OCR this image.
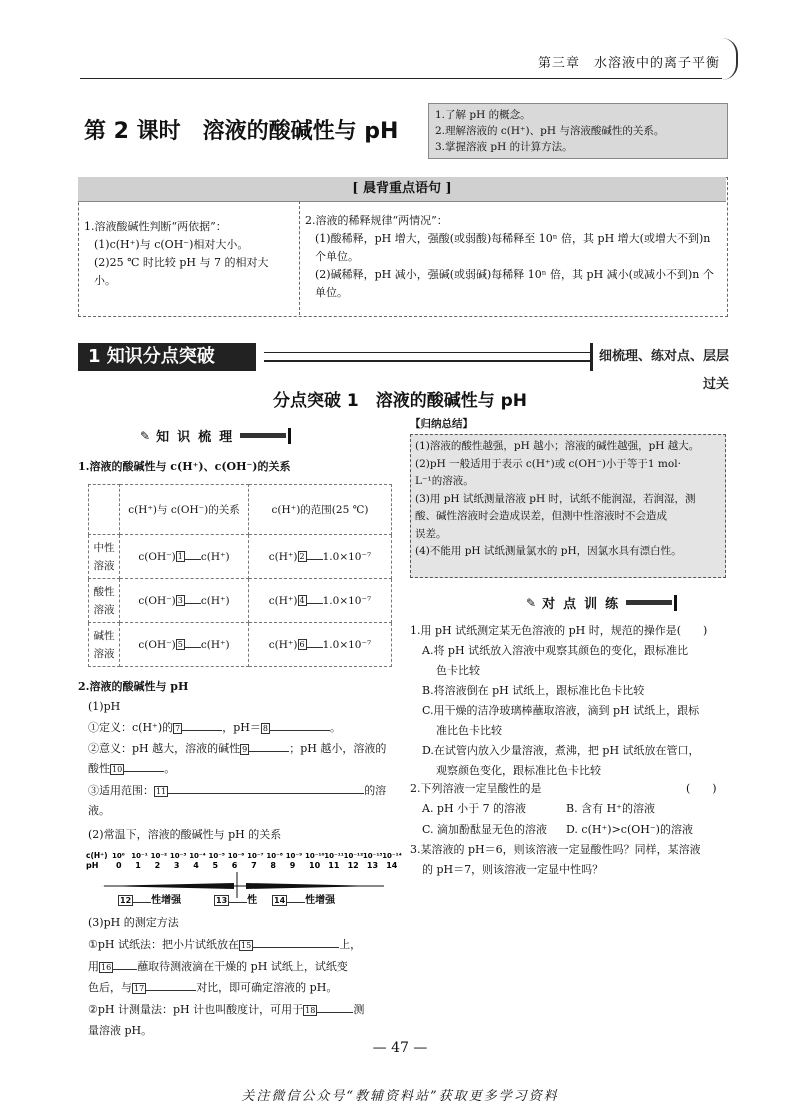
第三章　水溶液中的离子平衡
第 2 课时　溶液的酸碱性与 pH
1.了解 pH 的概念。
2.理解溶液的 c(H⁺)、pH 与溶液酸碱性的关系。
3.掌握溶液 pH 的计算方法。
[ 晨背重点语句 ]
1.溶液酸碱性判断“两依据”：
(1)c(H⁺)与 c(OH⁻)相对大小。
(2)25 ℃ 时比较 pH 与 7 的相对大小。
2.溶液的稀释规律“两情况”：
(1)酸稀释，pH 增大，强酸(或弱酸)每稀释至 10ⁿ 倍，其 pH 增大(或增大不到)n 个单位。
(2)碱稀释，pH 减小，强碱(或弱碱)每稀释 10ⁿ 倍，其 pH 减小(或减小不到)n 个单位。
1 知识分点突破	细梳理、练对点、层层过关
分点突破 1　溶液的酸碱性与 pH
✎ 知识梳理
1.溶液的酸碱性与 c(H⁺)、c(OH⁻)的关系
	c(H⁺)与 c(OH⁻)的关系	c(H⁺)的范围(25 ℃)
中性溶液	c(OH⁻) 1 c(H⁺)	c(H⁺) 2 1.0×10⁻⁷
酸性溶液	c(OH⁻) 3 c(H⁺)	c(H⁺) 4 1.0×10⁻⁷
碱性溶液	c(OH⁻) 5 c(H⁺)	c(H⁺) 6 1.0×10⁻⁷
2.溶液的酸碱性与 pH
(1)pH
①定义：c(H⁺)的 7	，pH＝ 8	。
②意义：pH 越大，溶液的碱性 9	；pH 越小，溶液的酸性 10	。
③适用范围： 11	的溶液。
(2)常温下，溶液的酸碱性与 pH 的关系
c(H⁺)
pH
10⁰ 10⁻¹ 10⁻² 10⁻³ 10⁻⁴ 10⁻⁵ 10⁻⁶ 10⁻⁷ 10⁻⁸ 10⁻⁹ 10⁻¹⁰ 10⁻¹¹ 10⁻¹² 10⁻¹³ 10⁻¹⁴
0 1 2 3 4 5 6 7 8 9 10 11 12 13 14
12 性增强	13 性 14 性增强
(3)pH 的测定方法
①pH 试纸法：把小片试纸放在 15	上，
用 16 蘸取待测液滴在干燥的 pH 试纸上，试纸变
色后，与 17	对比，即可确定溶液的 pH。
②pH 计测量法：pH 计也叫酸度计，可用于 18	测
量溶液 pH。
【归纳总结】
(1)溶液的酸性越强，pH 越小；溶液的碱性越强，pH 越大。
(2)pH 一般适用于表示 c(H⁺)或 c(OH⁻)小于等于1 mol·
L⁻¹的溶液。
(3)用 pH 试纸测量溶液 pH 时，试纸不能润湿，若润湿，测
酸、碱性溶液时会造成误差，但测中性溶液时不会造成
误差。
(4)不能用 pH 试纸测量氯水的 pH，因氯水具有漂白性。
✎ 对点训练
1.用 pH 试纸测定某无色溶液的 pH 时，规范的操作是(　　)
A.将 pH 试纸放入溶液中观察其颜色的变化，跟标准比
色卡比较
B.将溶液倒在 pH 试纸上，跟标准比色卡比较
C.用干燥的洁净玻璃棒蘸取溶液，滴到 pH 试纸上，跟标
准比色卡比较
D.在试管内放入少量溶液，煮沸，把 pH 试纸放在管口，
观察颜色变化，跟标准比色卡比较
2.下列溶液一定呈酸性的是	(　　)
A. pH 小于 7 的溶液	B. 含有 H⁺的溶液
C. 滴加酚酞显无色的溶液 D. c(H⁺)>c(OH⁻)的溶液
3.某溶液的 pH＝6，则该溶液一定显酸性吗？同样，某溶液
的 pH＝7，则该溶液一定显中性吗？
— 47 —
关注微信公众号“教辅资料站”获取更多学习资料
